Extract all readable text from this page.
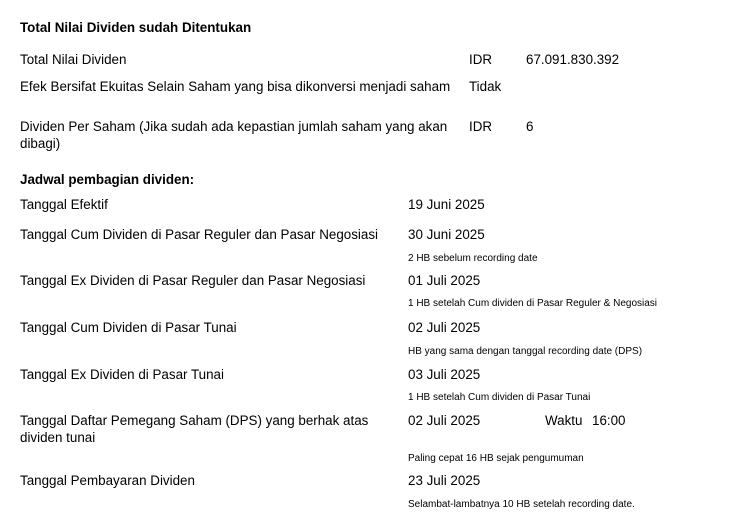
Total Nilai Dividen sudah Ditentukan
Total Nilai Dividen	IDR	67.091.830.392
Efek Bersifat Ekuitas Selain Saham yang bisa dikonversi menjadi saham Tidak
Dividen Per Saham (Jika sudah ada kepastian jumlah saham yang akan dibagi)
IDR	6
Jadwal pembagian dividen:
Tanggal Efektif	19 Juni 2025
Tanggal Cum Dividen di Pasar Reguler dan Pasar Negosiasi 30 Juni 2025
2 HB sebelum recording date
Tanggal Ex Dividen di Pasar Reguler dan Pasar Negosiasi	01 Juli 2025
1 HB setelah Cum dividen di Pasar Reguler & Negosiasi
Tanggal Cum Dividen di Pasar Tunai	02 Juli 2025
HB yang sama dengan tanggal recording date (DPS)
Tanggal Ex Dividen di Pasar Tunai	03 Juli 2025
1 HB setelah Cum dividen di Pasar Tunai
Tanggal Daftar Pemegang Saham (DPS) yang berhak atas dividen tunai
02 Juli 2025	Waktu 16:00
Paling cepat 16 HB sejak pengumuman
Tanggal Pembayaran Dividen	23 Juli 2025
Selambat-lambatnya 10 HB setelah recording date.
